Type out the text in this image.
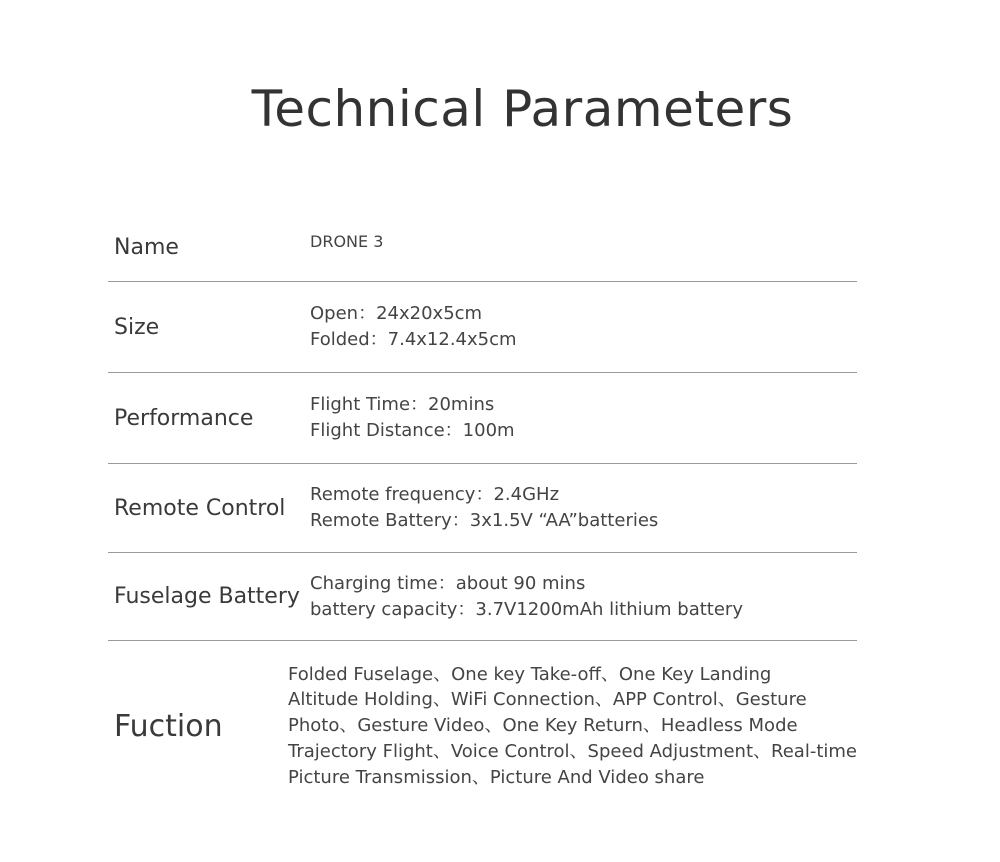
Technical Parameters
Name	DRONE 3
Size
Open：24x20x5cm
Folded：7.4x12.4x5cm
Performance
Flight Time：20mins
Flight Distance：100m
Remote Control
Remote frequency：2.4GHz
Remote Battery：3x1.5V “AA”batteries
Fuselage Battery
Charging time：about 90 mins
battery capacity：3.7V1200mAh lithium battery
Fuction
Folded Fuselage、One key Take-off、One Key Landing
Altitude Holding、WiFi Connection、APP Control、Gesture
Photo、Gesture Video、One Key Return、Headless Mode
Trajectory Flight、Voice Control、Speed Adjustment、Real-time
Picture Transmission、Picture And Video share
